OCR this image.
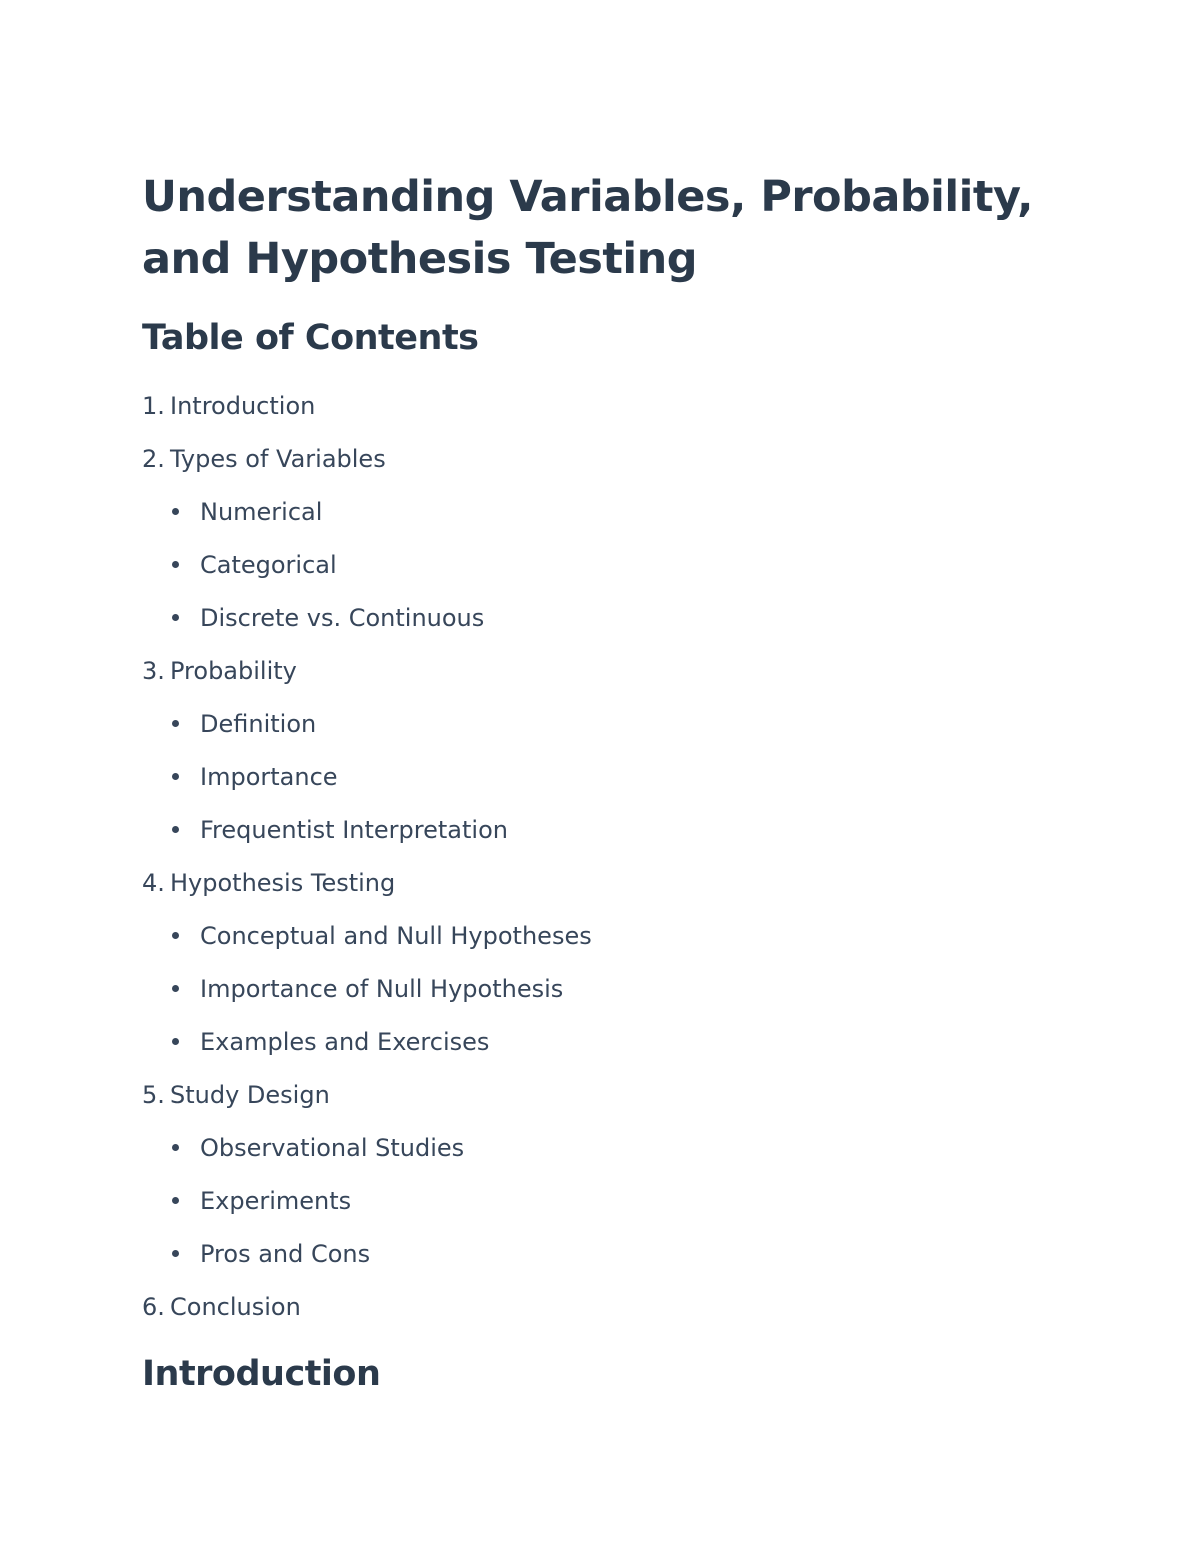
Understanding Variables, Probability, and Hypothesis Testing
Table of Contents
1. Introduction
2. Types of Variables
Numerical
Categorical
Discrete vs. Continuous
3. Probability
Definition
Importance
Frequentist Interpretation
4. Hypothesis Testing
Conceptual and Null Hypotheses
Importance of Null Hypothesis
Examples and Exercises
5. Study Design
Observational Studies
Experiments
Pros and Cons
6. Conclusion
Introduction
